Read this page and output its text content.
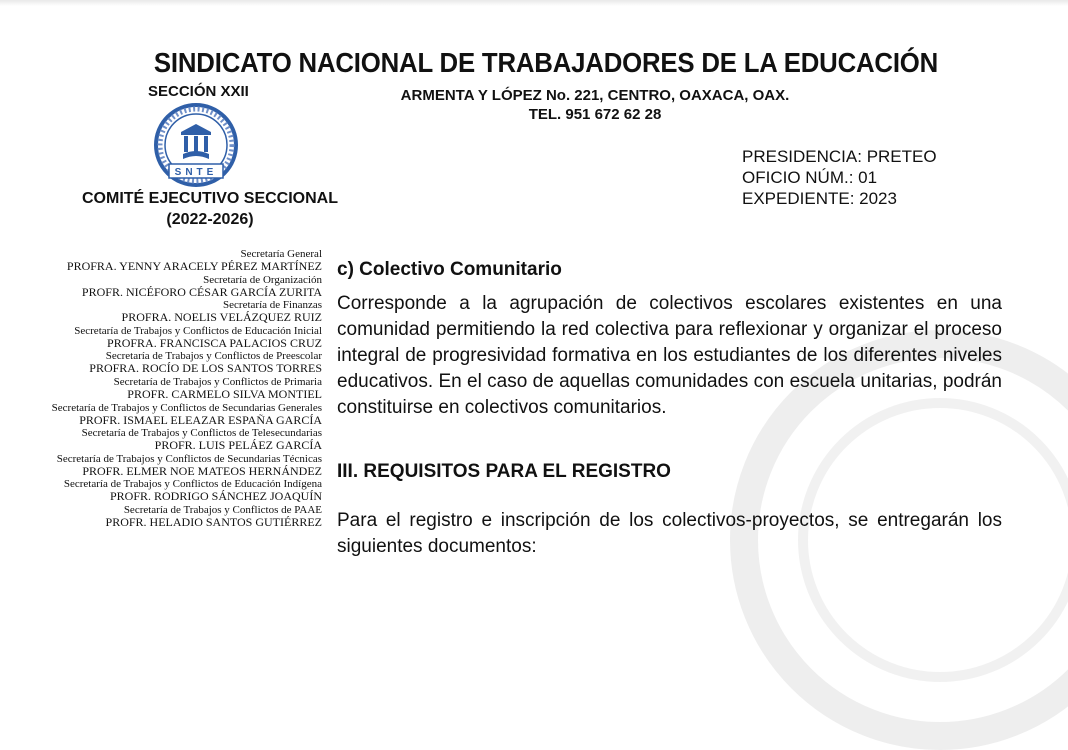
SINDICATO NACIONAL DE TRABAJADORES DE LA EDUCACIÓN
SECCIÓN XXII	ARMENTA Y LÓPEZ No. 221, CENTRO, OAXACA, OAX.
TEL. 951 672 62 28
SNTE
COMITÉ EJECUTIVO SECCIONAL
(2022-2026)
PRESIDENCIA: PRETEO
OFICIO NÚM.: 01
EXPEDIENTE: 2023
Secretaría General
PROFRA. YENNY ARACELY PÉREZ MARTÍNEZ
Secretaría de Organización
PROFR. NICÉFORO CÉSAR GARCÍA ZURITA
Secretaría de Finanzas
PROFRA. NOELIS VELÁZQUEZ RUIZ
Secretaría de Trabajos y Conflictos de Educación Inicial
PROFRA. FRANCISCA PALACIOS CRUZ
Secretaría de Trabajos y Conflictos de Preescolar
PROFRA. ROCÍO DE LOS SANTOS TORRES
Secretaría de Trabajos y Conflictos de Primaria
PROFR. CARMELO SILVA MONTIEL
Secretaría de Trabajos y Conflictos de Secundarias Generales
PROFR. ISMAEL ELEAZAR ESPAÑA GARCÍA
Secretaría de Trabajos y Conflictos de Telesecundarias
PROFR. LUIS PELÁEZ GARCÍA
Secretaría de Trabajos y Conflictos de Secundarias Técnicas
PROFR. ELMER NOE MATEOS HERNÁNDEZ
Secretaría de Trabajos y Conflictos de Educación Indígena
PROFR. RODRIGO SÁNCHEZ JOAQUÍN
Secretaría de Trabajos y Conflictos de PAAE
PROFR. HELADIO SANTOS GUTIÉRREZ
c) Colectivo Comunitario

Corresponde a la agrupación de colectivos escolares existentes en una comunidad permitiendo la red colectiva para reflexionar y organizar el proceso integral de progresividad formativa en los estudiantes de los diferentes niveles educativos. En el caso de aquellas comunidades con escuela unitarias, podrán constituirse en colectivos comunitarios.

III. REQUISITOS PARA EL REGISTRO

Para el registro e inscripción de los colectivos-proyectos, se entregarán los siguientes documentos:
